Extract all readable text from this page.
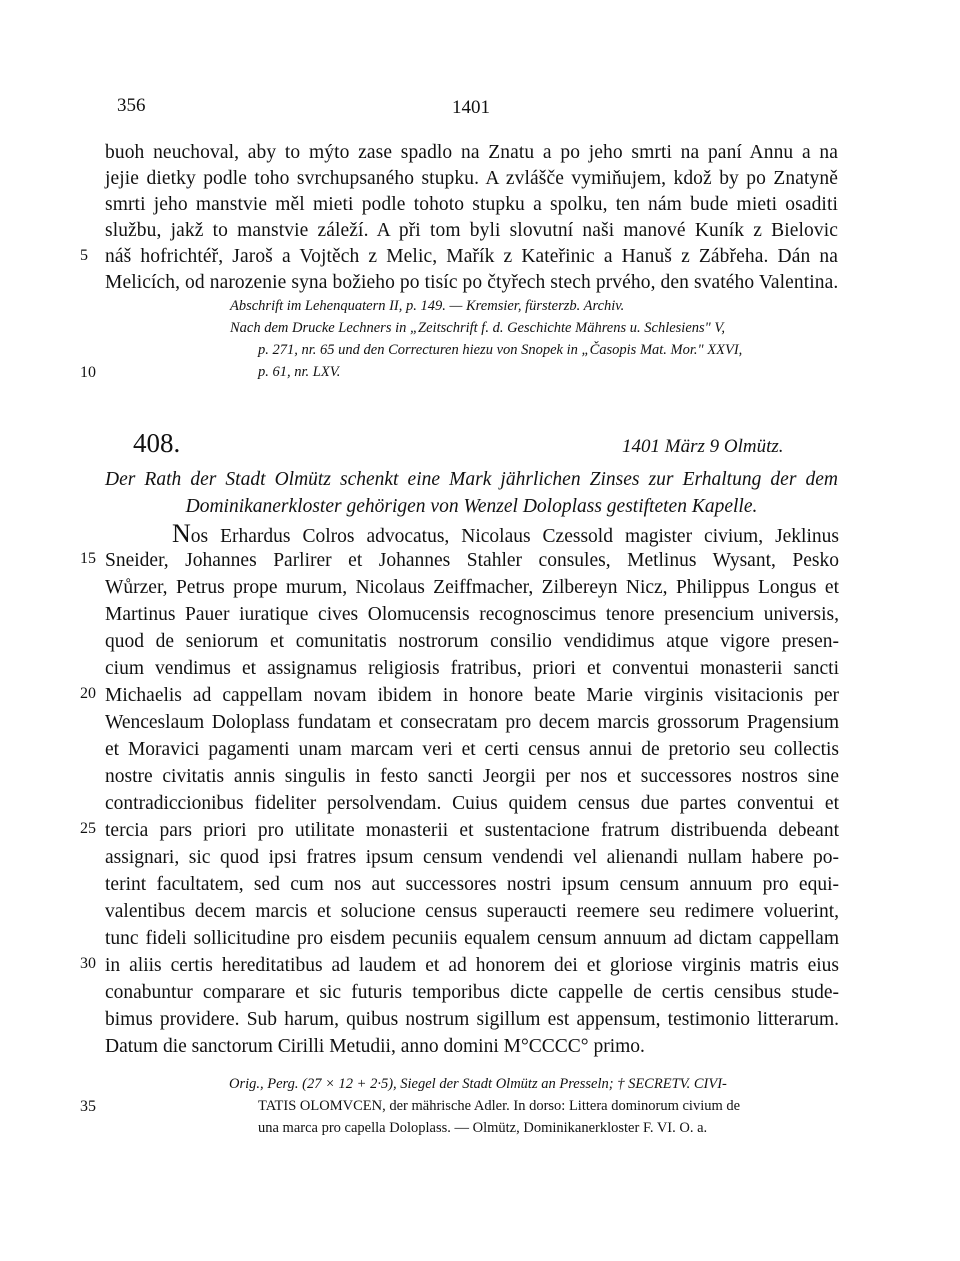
356	1401
buoh neuchoval, aby to mýto zase spadlo na Znatu a po jeho smrti na paní Annu a na
jejie dietky podle toho svrchupsaného stupku. A zvlášče vymiňujem, kdož by po Znatyně
smrti jeho manstvie měl mieti podle tohoto stupku a spolku, ten nám bude mieti osaditi
službu, jakž to manstvie záleží. A při tom byli slovutní naši manové Kuník z Bielovic
náš hofrichtéř, Jaroš a Vojtěch z Melic, Mařík z Kateřinic a Hanuš z Zábřeha. Dán na
Melicích, od narozenie syna božieho po tisíc po čtyřech stech prvého, den svatého Valentina.
Abschrift im Lehenquatern II, p. 149. — Kremsier, fürsterzb. Archiv.
Nach dem Drucke Lechners in „Zeitschrift f. d. Geschichte Mährens u. Schlesiens" V,
p. 271, nr. 65 und den Correcturen hiezu von Snopek in „Časopis Mat. Mor." XXVI,
p. 61, nr. LXV.
408.	1401 März 9 Olmütz.
Der Rath der Stadt Olmütz schenkt eine Mark jährlichen Zinses zur Erhaltung der dem
Dominikanerkloster gehörigen von Wenzel Doloplass gestifteten Kapelle.
Nos Erhardus Colros advocatus, Nicolaus Czessold magister civium, Jeklinus
Sneider, Johannes Parlirer et Johannes Stahler consules, Metlinus Wysant, Pesko
Wůrzer, Petrus prope murum, Nicolaus Zeiffmacher, Zilbereyn Nicz, Philippus Longus et
Martinus Pauer iuratique cives Olomucensis recognoscimus tenore presencium universis,
quod de seniorum et comunitatis nostrorum consilio vendidimus atque vigore presen-
cium vendimus et assignamus religiosis fratribus, priori et conventui monasterii sancti
Michaelis ad cappellam novam ibidem in honore beate Marie virginis visitacionis per
Wenceslaum Doloplass fundatam et consecratam pro decem marcis grossorum Pragensium
et Moravici pagamenti unam marcam veri et certi census annui de pretorio seu collectis
nostre civitatis annis singulis in festo sancti Jeorgii per nos et successores nostros sine
contradiccionibus fideliter persolvendam. Cuius quidem census due partes conventui et
tercia pars priori pro utilitate monasterii et sustentacione fratrum distribuenda debeant
assignari, sic quod ipsi fratres ipsum censum vendendi vel alienandi nullam habere po-
terint facultatem, sed cum nos aut successores nostri ipsum censum annuum pro equi-
valentibus decem marcis et solucione census superaucti reemere seu redimere voluerint,
tunc fideli sollicitudine pro eisdem pecuniis equalem censum annuum ad dictam cappellam
in aliis certis hereditatibus ad laudem et ad honorem dei et gloriose virginis matris eius
conabuntur comparare et sic futuris temporibus dicte cappelle de certis censibus stude-
bimus providere. Sub harum, quibus nostrum sigillum est appensum, testimonio litterarum.
Datum die sanctorum Cirilli Metudii, anno domini M°CCCC° primo.
Orig., Perg. (27 × 12 + 2·5), Siegel der Stadt Olmütz an Presseln; † SECRETV. CIVI-
TATIS OLOMVCEN, der mährische Adler. In dorso: Littera dominorum civium de
una marca pro capella Doloplass. — Olmütz, Dominikanerkloster F. VI. O. a.
5
10
15
20
25
30
35
